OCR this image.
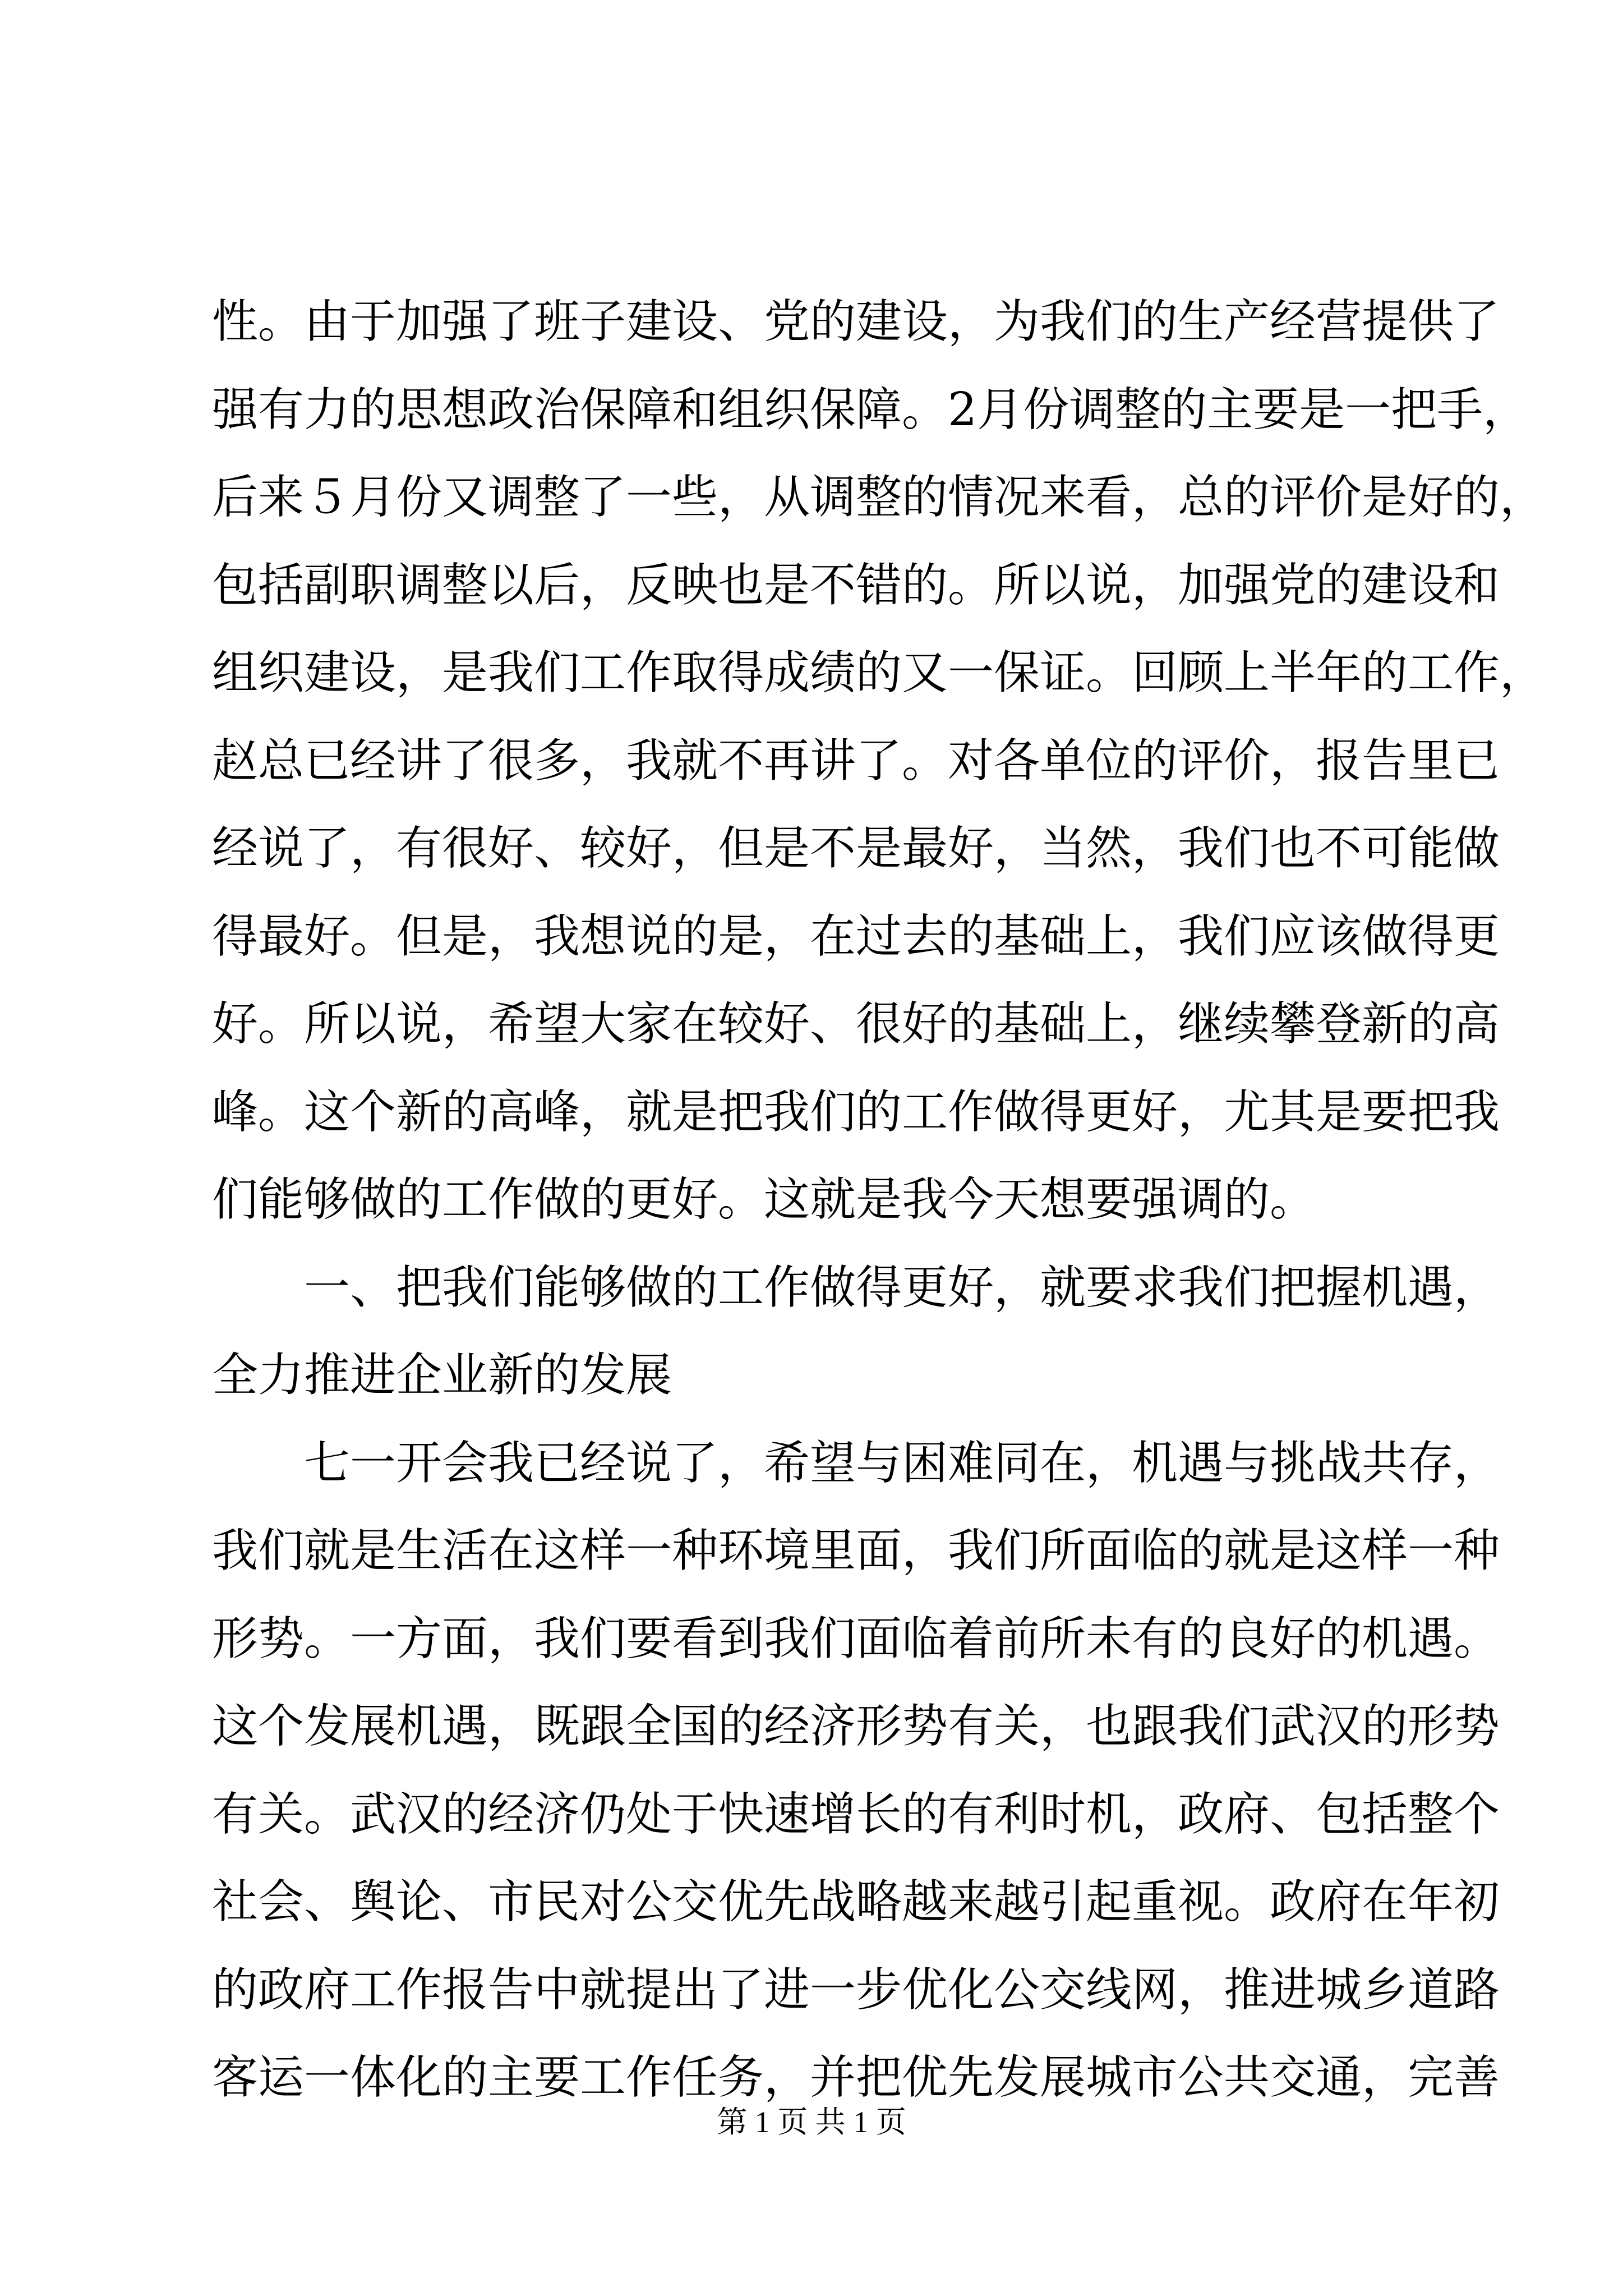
性。由于加强了班子建设、党的建设，为我们的生产经营提供了
强有力的思想政治保障和组织保障。2月份调整的主要是一把手，
后来５月份又调整了一些，从调整的情况来看，总的评价是好的，
包括副职调整以后，反映也是不错的。所以说，加强党的建设和
组织建设，是我们工作取得成绩的又一保证。回顾上半年的工作，
赵总已经讲了很多，我就不再讲了。对各单位的评价，报告里已
经说了，有很好、较好，但是不是最好，当然，我们也不可能做
得最好。但是，我想说的是，在过去的基础上，我们应该做得更
好。所以说，希望大家在较好、很好的基础上，继续攀登新的高
峰。这个新的高峰，就是把我们的工作做得更好，尤其是要把我
们能够做的工作做的更好。这就是我今天想要强调的。
一、把我们能够做的工作做得更好，就要求我们把握机遇，
全力推进企业新的发展
七一开会我已经说了，希望与困难同在，机遇与挑战共存，
我们就是生活在这样一种环境里面，我们所面临的就是这样一种
形势。一方面，我们要看到我们面临着前所未有的良好的机遇。
这个发展机遇，既跟全国的经济形势有关，也跟我们武汉的形势
有关。武汉的经济仍处于快速增长的有利时机，政府、包括整个
社会、舆论、市民对公交优先战略越来越引起重视。政府在年初
的政府工作报告中就提出了进一步优化公交线网，推进城乡道路
客运一体化的主要工作任务，并把优先发展城市公共交通，完善
第 1 页 共 1 页
